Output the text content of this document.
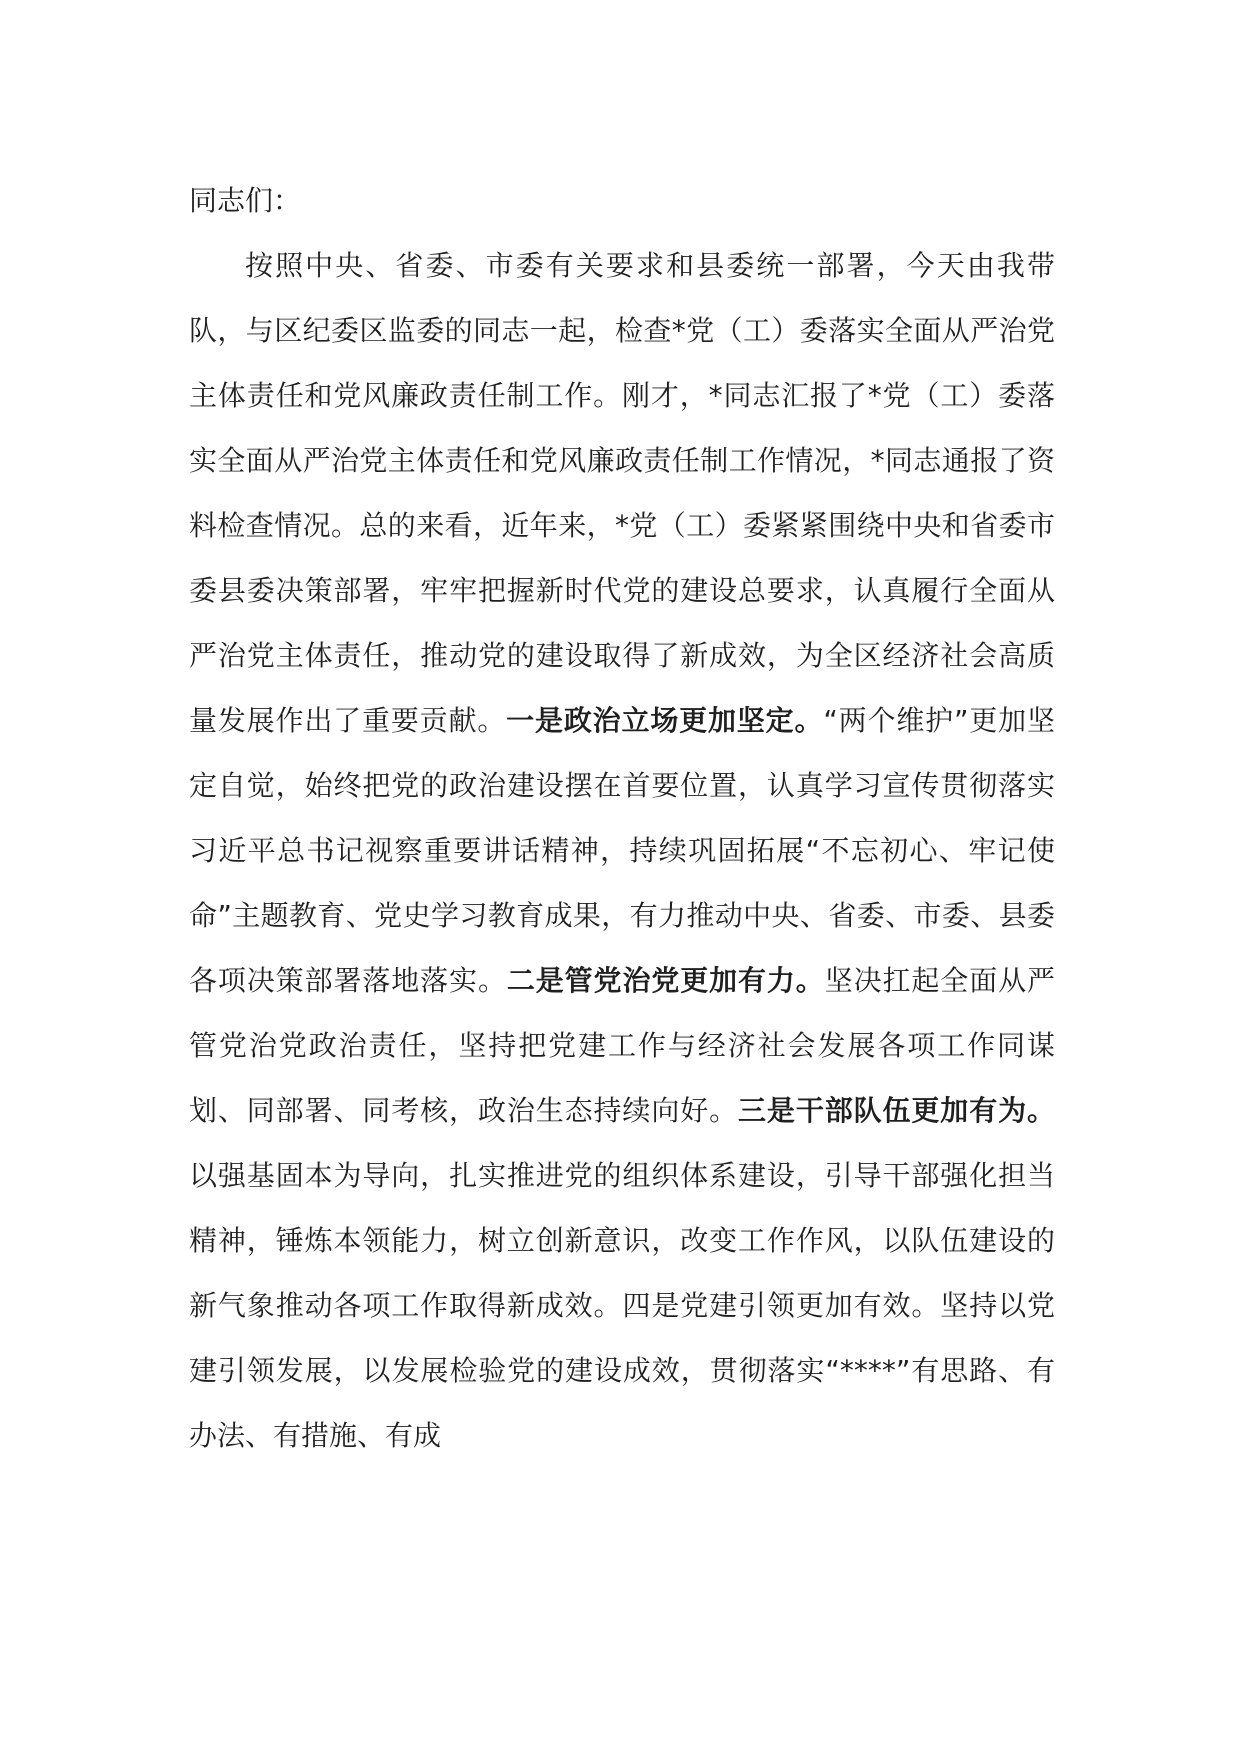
同志们：

按照中央、省委、市委有关要求和县委统一部署，今天由我带队，与区纪委区监委的同志一起，检查*党（工）委落实全面从严治党主体责任和党风廉政责任制工作。刚才，*同志汇报了*党（工）委落实全面从严治党主体责任和党风廉政责任制工作情况，*同志通报了资料检查情况。总的来看，近年来，*党（工）委紧紧围绕中央和省委市委县委决策部署，牢牢把握新时代党的建设总要求，认真履行全面从严治党主体责任，推动党的建设取得了新成效，为全区经济社会高质量发展作出了重要贡献。一是政治立场更加坚定。“两个维护”更加坚定自觉，始终把党的政治建设摆在首要位置，认真学习宣传贯彻落实习近平总书记视察重要讲话精神，持续巩固拓展“不忘初心、牢记使命”主题教育、党史学习教育成果，有力推动中央、省委、市委、县委各项决策部署落地落实。二是管党治党更加有力。坚决扛起全面从严管党治党政治责任，坚持把党建工作与经济社会发展各项工作同谋划、同部署、同考核，政治生态持续向好。三是干部队伍更加有为。以强基固本为导向，扎实推进党的组织体系建设，引导干部强化担当精神，锤炼本领能力，树立创新意识，改变工作作风，以队伍建设的新气象推动各项工作取得新成效。四是党建引领更加有效。坚持以党建引领发展，以发展检验党的建设成效，贯彻落实“****”有思路、有办法、有措施、有成
